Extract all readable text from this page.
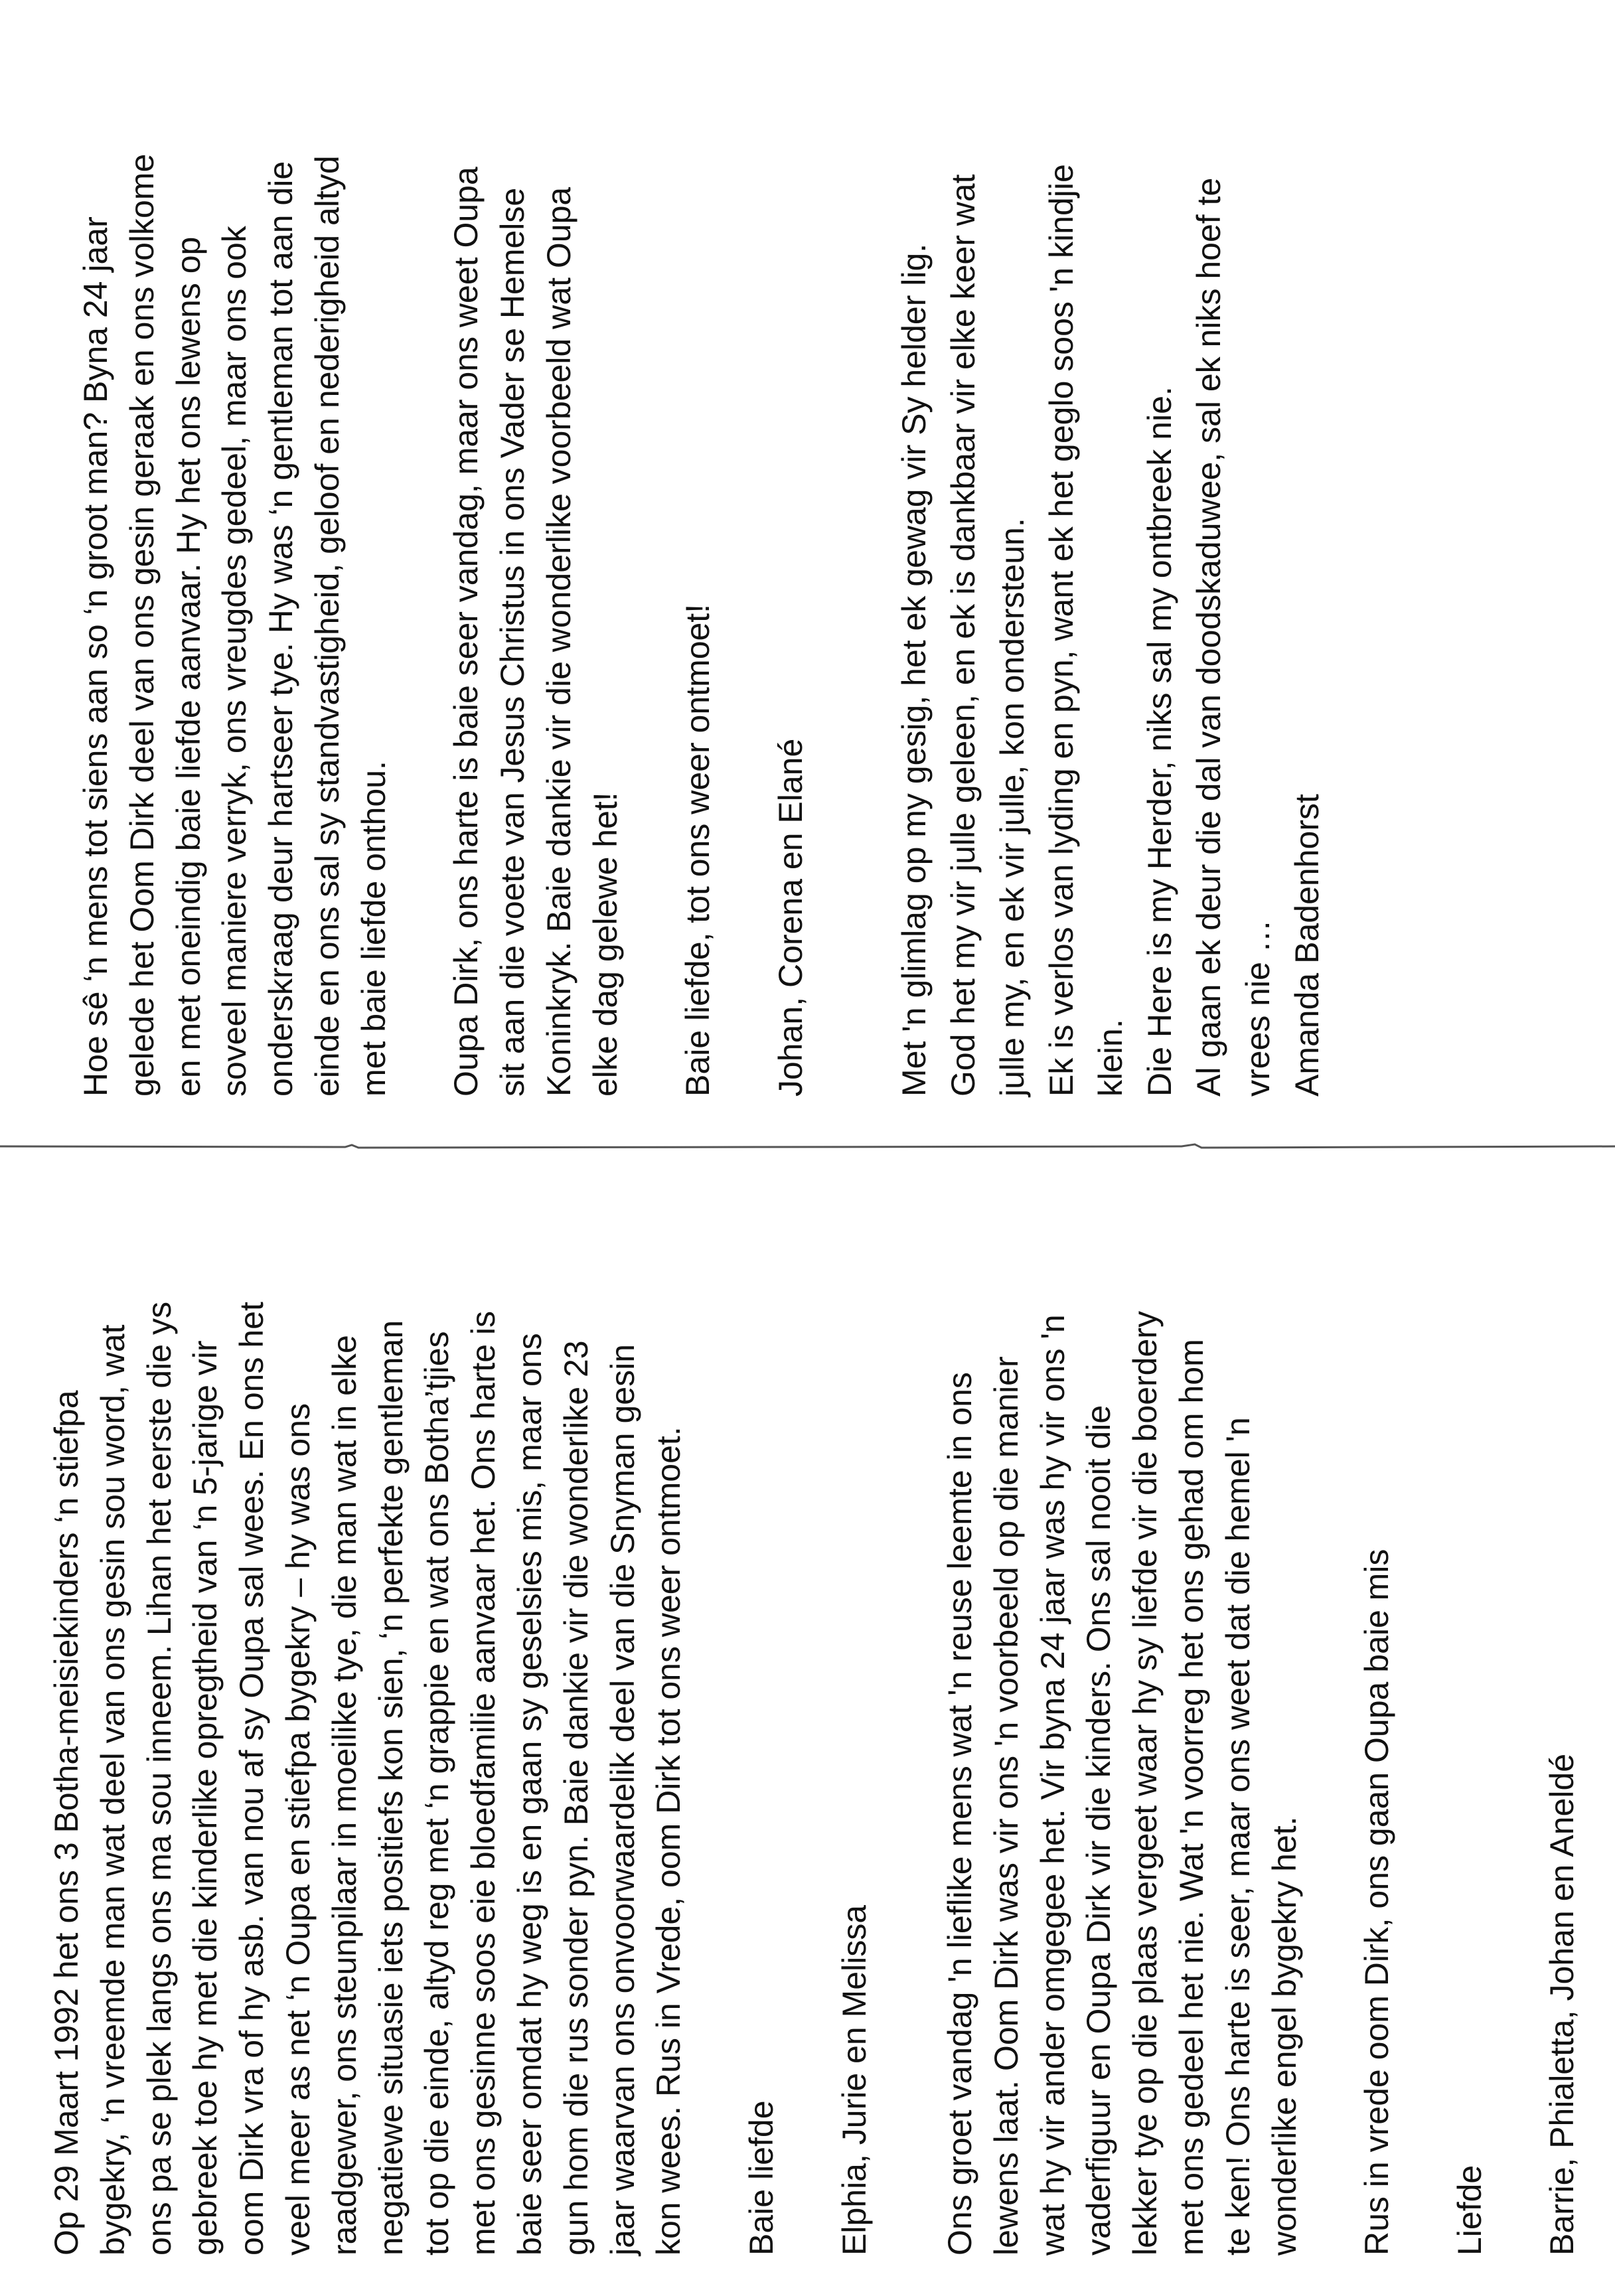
Op 29 Maart 1992 het ons 3 Botha-meisiekinders ‘n stiefpa bygekry, ‘n vreemde man wat deel van ons gesin sou word, wat ons pa se plek langs ons ma sou inneem. Lihan het eerste die ys gebreek toe hy met die kinderlike opregtheid van ‘n 5-jarige vir oom Dirk vra of hy asb. van nou af sy Oupa sal wees. En ons het veel meer as net ‘n Oupa en stiefpa bygekry – hy was ons raadgewer, ons steunpilaar in moeilike tye, die man wat in elke negatiewe situasie iets positiefs kon sien, ‘n perfekte gentleman tot op die einde, altyd reg met ‘n grappie en wat ons Botha’tjies met ons gesinne soos eie bloedfamilie aanvaar het. Ons harte is baie seer omdat hy weg is en gaan sy geselsies mis, maar ons gun hom die rus sonder pyn. Baie dankie vir die wonderlike 23 jaar waarvan ons onvoorwaardelik deel van die Snyman gesin kon wees. Rus in Vrede, oom Dirk tot ons weer ontmoet. Baie liefde Elphia, Jurie en Melissa Ons groet vandag 'n lieflike mens wat 'n reuse leemte in ons lewens laat. Oom Dirk was vir ons 'n voorbeeld op die manier wat hy vir ander omgegee het. Vir byna 24 jaar was hy vir ons 'n vaderfiguur en Oupa Dirk vir die kinders. Ons sal nooit die lekker tye op die plaas vergeet waar hy sy liefde vir die boerdery met ons gedeel het nie. Wat 'n voorreg het ons gehad om hom te ken! Ons harte is seer, maar ons weet dat die hemel 'n wonderlike engel bygekry het. Rus in vrede oom Dirk, ons gaan Oupa baie mis Liefde Barrie, Phialetta, Johan en Aneldé
Hoe sê ‘n mens tot siens aan so ‘n groot man? Byna 24 jaar gelede het Oom Dirk deel van ons gesin geraak en ons volkome en met oneindig baie liefde aanvaar. Hy het ons lewens op soveel maniere verryk, ons vreugdes gedeel, maar ons ook onderskraag deur hartseer tye. Hy was ‘n gentleman tot aan die einde en ons sal sy standvastigheid, geloof en nederigheid altyd met baie liefde onthou. Oupa Dirk, ons harte is baie seer vandag, maar ons weet Oupa sit aan die voete van Jesus Christus in ons Vader se Hemelse Koninkryk. Baie dankie vir die wonderlike voorbeeld wat Oupa elke dag gelewe het! Baie liefde, tot ons weer ontmoet! Johan, Corena en Elané	Met 'n glimlag op my gesig, het ek gewag vir Sy helder lig. God het my vir julle geleen, en ek is dankbaar vir elke keer wat julle my, en ek vir julle, kon ondersteun. Ek is verlos van lyding en pyn, want ek het geglo soos 'n kindjie klein. Die Here is my Herder, niks sal my ontbreek nie. Al gaan ek deur die dal van doodskaduwee, sal ek niks hoef te vrees nie … Amanda Badenhorst
